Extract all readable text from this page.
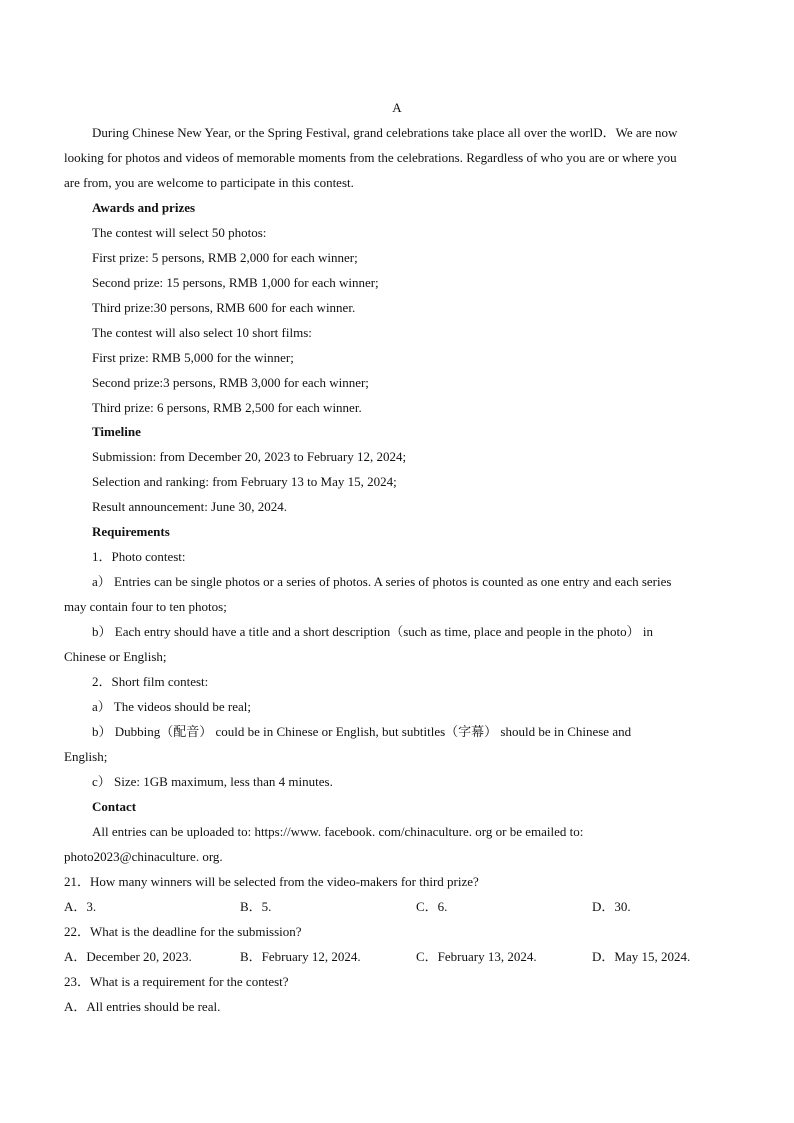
A
During Chinese New Year, or the Spring Festival, grand celebrations take place all over the worlD．We are now
looking for photos and videos of memorable moments from the celebrations. Regardless of who you are or where you
are from, you are welcome to participate in this contest.
Awards and prizes
The contest will select 50 photos:
First prize: 5 persons, RMB 2,000 for each winner;
Second prize: 15 persons, RMB 1,000 for each winner;
Third prize:30 persons, RMB 600 for each winner.
The contest will also select 10 short films:
First prize: RMB 5,000 for the winner;
Second prize:3 persons, RMB 3,000 for each winner;
Third prize: 6 persons, RMB 2,500 for each winner.
Timeline
Submission: from December 20, 2023 to February 12, 2024;
Selection and ranking: from February 13 to May 15, 2024;
Result announcement: June 30, 2024.
Requirements
1．Photo contest:
a） Entries can be single photos or a series of photos. A series of photos is counted as one entry and each series
may contain four to ten photos;
b） Each entry should have a title and a short description（such as time, place and people in the photo） in
Chinese or English;
2．Short film contest:
a） The videos should be real;
b） Dubbing（配音） could be in Chinese or English, but subtitles（字幕） should be in Chinese and
English;
c） Size: 1GB maximum, less than 4 minutes.
Contact
All entries can be uploaded to: https://www. facebook. com/chinaculture. org or be emailed to:
photo2023@chinaculture. org.
21．How many winners will be selected from the video-makers for third prize?
A．3.	B．5.	C．6.	D．30.
22．What is the deadline for the submission?
A．December 20, 2023.	B．February 12, 2024.	C．February 13, 2024.	D．May 15, 2024.
23．What is a requirement for the contest?
A．All entries should be real.
